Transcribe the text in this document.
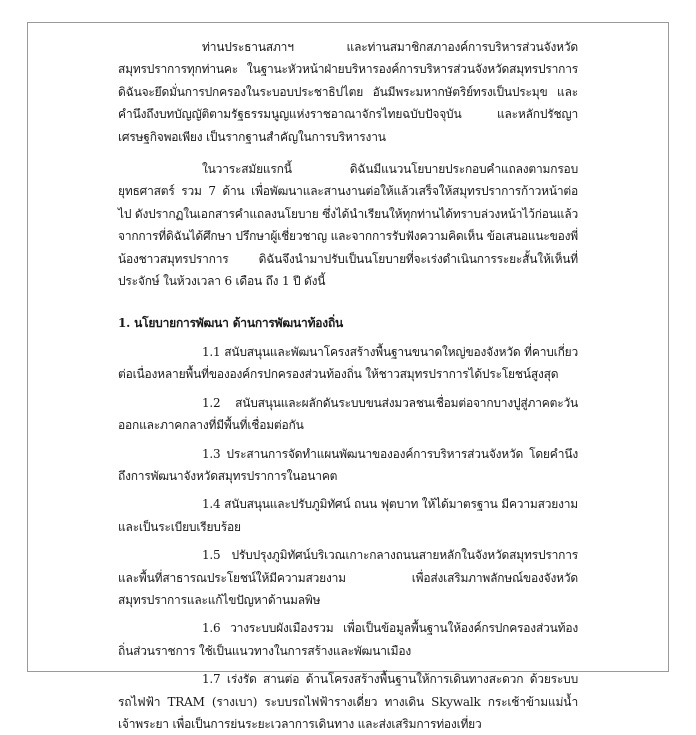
ท่านประธานสภาฯ และท่านสมาชิกสภาองค์การบริหารส่วนจังหวัดสมุทรปราการทุกท่านคะ ในฐานะหัวหน้าฝ่ายบริหารองค์การบริหารส่วนจังหวัดสมุทรปราการ ดิฉันจะยึดมั่นการปกครองในระบอบประชาธิปไตย อันมีพระมหากษัตริย์ทรงเป็นประมุข และคำนึงถึงบทบัญญัติตามรัฐธรรมนูญแห่งราชอาณาจักรไทยฉบับปัจจุบัน และหลักปรัชญาเศรษฐกิจพอเพียง เป็นรากฐานสำคัญในการบริหารงาน

ในวาระสมัยแรกนี้ ดิฉันมีแนวนโยบายประกอบคำแถลงตามกรอบยุทธศาสตร์ รวม 7 ด้าน เพื่อพัฒนาและสานงานต่อให้แล้วเสร็จให้สมุทรปราการก้าวหน้าต่อไป ดังปรากฏในเอกสารคำแถลงนโยบาย ซึ่งได้นำเรียนให้ทุกท่านได้ทราบล่วงหน้าไว้ก่อนแล้ว จากการที่ดิฉันได้ศึกษา ปรึกษาผู้เชี่ยวชาญ และจากการรับฟังความคิดเห็น ข้อเสนอแนะของพี่น้องชาวสมุทรปราการ ดิฉันจึงนำมาปรับเป็นนโยบายที่จะเร่งดำเนินการระยะสั้นให้เห็นที่ประจักษ์ ในห้วงเวลา 6 เดือน ถึง 1 ปี ดังนี้

1. นโยบายการพัฒนา ด้านการพัฒนาท้องถิ่น

1.1 สนับสนุนและพัฒนาโครงสร้างพื้นฐานขนาดใหญ่ของจังหวัด ที่คาบเกี่ยวต่อเนื่องหลายพื้นที่ขององค์กรปกครองส่วนท้องถิ่น ให้ชาวสมุทรปราการได้ประโยชน์สูงสุด

1.2 สนับสนุนและผลักดันระบบขนส่งมวลชนเชื่อมต่อจากบางปูสู่ภาคตะวันออกและภาคกลางที่มีพื้นที่เชื่อมต่อกัน

1.3 ประสานการจัดทำแผนพัฒนาขององค์การบริหารส่วนจังหวัด โดยคำนึงถึงการพัฒนาจังหวัดสมุทรปราการในอนาคต

1.4 สนับสนุนและปรับภูมิทัศน์ ถนน ฟุตบาท ให้ได้มาตรฐาน มีความสวยงามและเป็นระเบียบเรียบร้อย

1.5 ปรับปรุงภูมิทัศน์บริเวณเกาะกลางถนนสายหลักในจังหวัดสมุทรปราการ และพื้นที่สาธารณประโยชน์ให้มีความสวยงาม เพื่อส่งเสริมภาพลักษณ์ของจังหวัดสมุทรปราการและแก้ไขปัญหาด้านมลพิษ

1.6 วางระบบผังเมืองรวม เพื่อเป็นข้อมูลพื้นฐานให้องค์กรปกครองส่วนท้องถิ่นส่วนราชการ ใช้เป็นแนวทางในการสร้างและพัฒนาเมือง

1.7 เร่งรัด สานต่อ ด้านโครงสร้างพื้นฐานให้การเดินทางสะดวก ด้วยระบบรถไฟฟ้า TRAM (รางเบา) ระบบรถไฟฟ้ารางเดี่ยว ทางเดิน Skywalk กระเช้าข้ามแม่น้ำเจ้าพระยา เพื่อเป็นการย่นระยะเวลาการเดินทาง และส่งเสริมการท่องเที่ยว
